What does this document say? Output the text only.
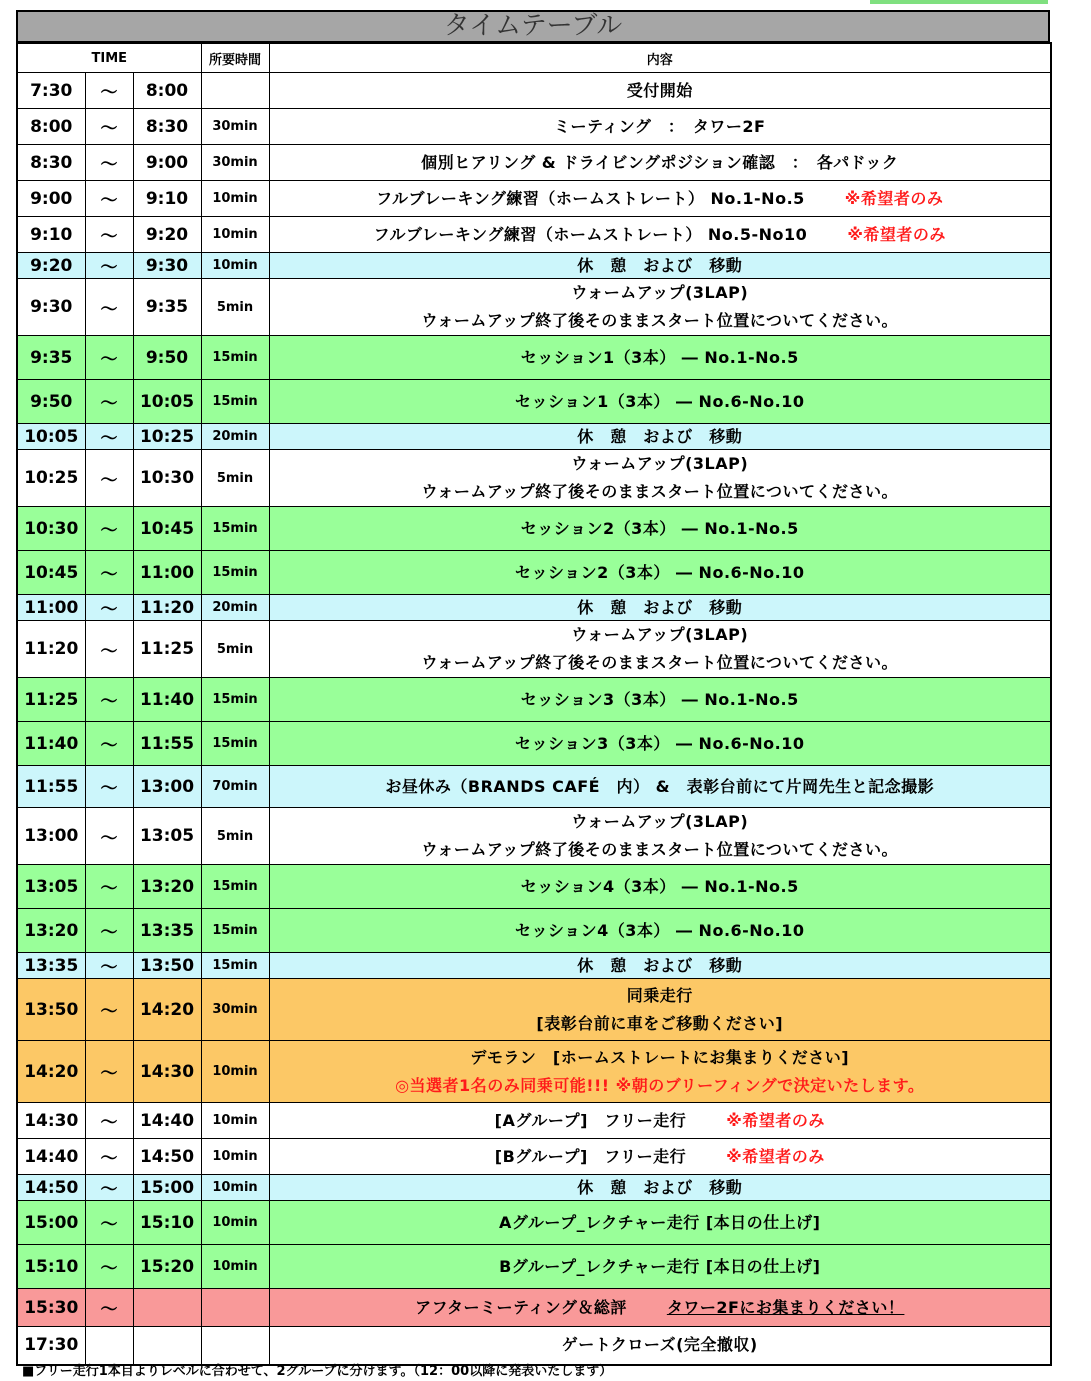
タイムテーブル
TIME			所要時間	内容
7:30	～	8:00		受付開始

8:00	～	8:30	30min	ミーティング　：　タワー2F

8:30	～	9:00	30min	個別ヒアリング & ドライビングポジション確認　：　各パドック

9:00	～	9:10	10min	フルブレーキング練習（ホームストレート） No.1-No.5 ※希望者のみ

9:10	～	9:20	10min	フルブレーキング練習（ホームストレート） No.5-No10 ※希望者のみ

9:20	～	9:30	10min	休　憩　および　移動

9:30	～	9:35	5min	ウォームアップ(3LAP)
ウォームアップ終了後そのままスタート位置についてください。

9:35	～	9:50	15min	セッション1（3本） ― No.1-No.5

9:50	～	10:05	15min	セッション1（3本） ― No.6-No.10

10:05	～	10:25	20min	休　憩　および　移動

10:25	～	10:30	5min	ウォームアップ(3LAP)
ウォームアップ終了後そのままスタート位置についてください。

10:30	～	10:45	15min	セッション2（3本） ― No.1-No.5

10:45	～	11:00	15min	セッション2（3本） ― No.6-No.10

11:00	～	11:20	20min	休　憩　および　移動

11:20	～	11:25	5min	ウォームアップ(3LAP)
ウォームアップ終了後そのままスタート位置についてください。

11:25	～	11:40	15min	セッション3（3本） ― No.1-No.5

11:40	～	11:55	15min	セッション3（3本） ― No.6-No.10

11:55	～	13:00	70min	お昼休み（BRANDS CAFÉ　内） &　表彰台前にて片岡先生と記念撮影

13:00	～	13:05	5min	ウォームアップ(3LAP)
ウォームアップ終了後そのままスタート位置についてください。

13:05	～	13:20	15min	セッション4（3本） ― No.1-No.5

13:20	～	13:35	15min	セッション4（3本） ― No.6-No.10

13:35	～	13:50	15min	休　憩　および　移動

13:50	～	14:20	30min	同乗走行
[表彰台前に車をご移動ください]

14:20	～	14:30	10min	デモラン　[ホームストレートにお集まりください]
◎当選者1名のみ同乗可能!!! ※朝のブリーフィングで決定いたします。

14:30	～	14:40	10min	[Aグループ]　フリー走行 ※希望者のみ

14:40	～	14:50	10min	[Bグループ]　フリー走行 ※希望者のみ

14:50	～	15:00	10min	休　憩　および　移動

15:00	～	15:10	10min	Aグループ_レクチャー走行 [本日の仕上げ]

15:10	～	15:20	10min	Bグループ_レクチャー走行 [本日の仕上げ]

15:30	～			アフターミーティング＆総評 タワー2Fにお集まりください！

17:30				ゲートクローズ(完全撤収)
■フリー走行1本目よりレベルに合わせて、2グループに分けます。（12：00以降に発表いたします）
